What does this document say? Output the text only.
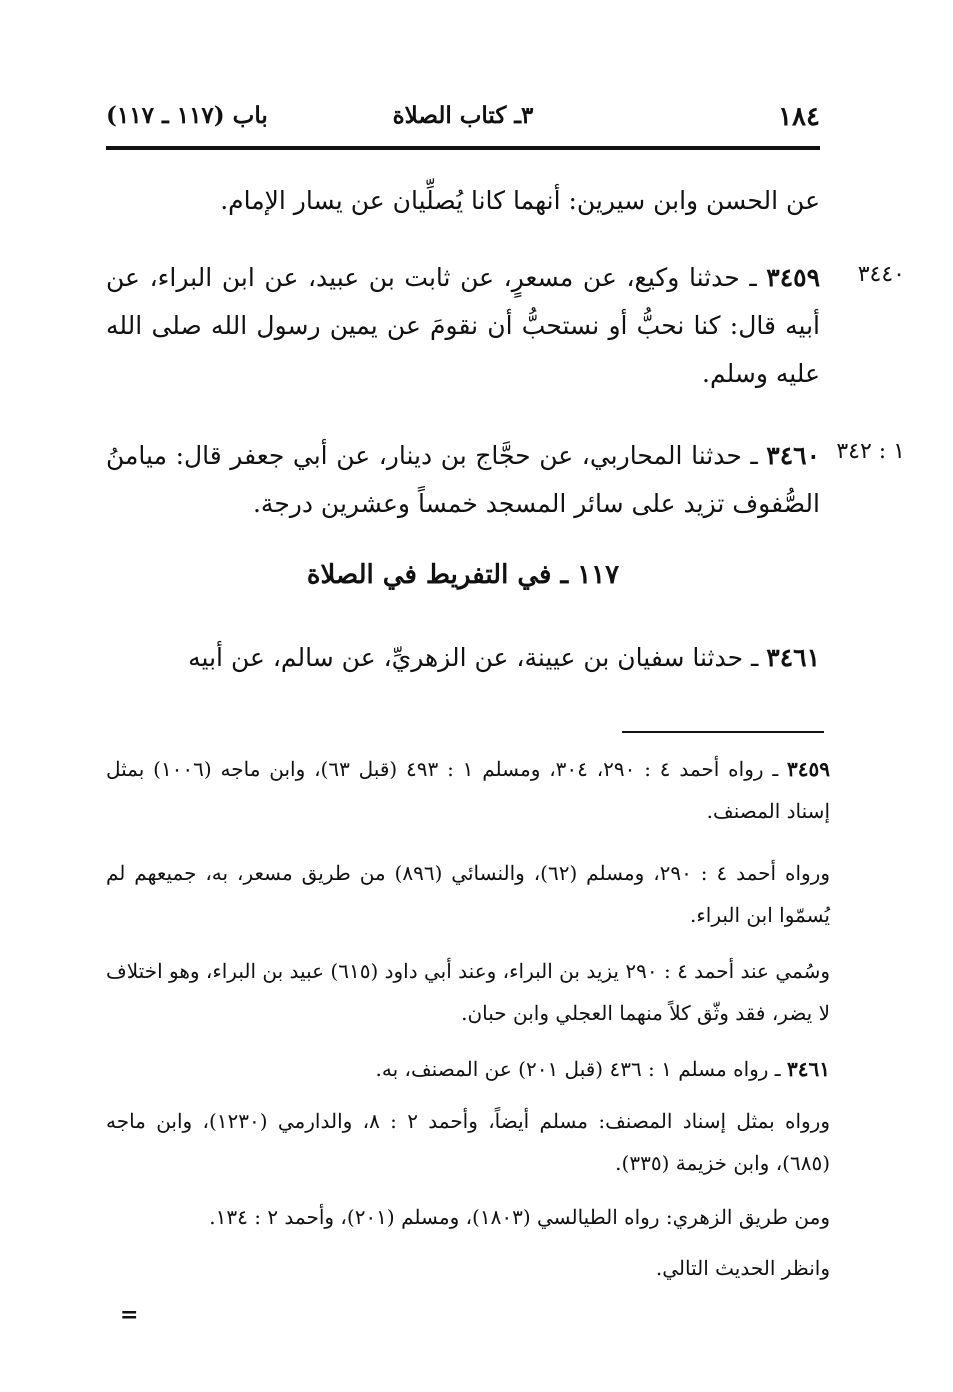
١٨٤
٣ـ كتاب الصلاة
باب (١١٧ ـ ١١٧)
عن الحسن وابن سيرين: أنهما كانا يُصلِّيان عن يسار الإمام.
٣٤٤٠
٣٤٥٩ ـ حدثنا وكيع، عن مسعرٍ، عن ثابت بن عبيد، عن ابن البراء، عن أبيه قال: كنا نحبُّ أو نستحبُّ أن نقومَ عن يمين رسول الله صلى الله عليه وسلم.
١ : ٣٤٢
٣٤٦٠ ـ حدثنا المحاربي، عن حجَّاج بن دينار، عن أبي جعفر قال: ميامنُ الصُّفوف تزيد على سائر المسجد خمساً وعشرين درجة.
١١٧ ـ في التفريط في الصلاة
٣٤٦١ ـ حدثنا سفيان بن عيينة، عن الزهريِّ، عن سالم، عن أبيه
٣٤٥٩ ـ رواه أحمد ٤ : ٢٩٠، ٣٠٤، ومسلم ١ : ٤٩٣ (قبل ٦٣)، وابن ماجه (١٠٠٦) بمثل إسناد المصنف.
ورواه أحمد ٤ : ٢٩٠، ومسلم (٦٢)، والنسائي (٨٩٦) من طريق مسعر، به، جميعهم لم يُسمّوا ابن البراء.
وسُمي عند أحمد ٤ : ٢٩٠ يزيد بن البراء، وعند أبي داود (٦١٥) عبيد بن البراء، وهو اختلاف لا يضر، فقد وثّق كلاً منهما العجلي وابن حبان.
٣٤٦١ ـ رواه مسلم ١ : ٤٣٦ (قبل ٢٠١) عن المصنف، به.
ورواه بمثل إسناد المصنف: مسلم أيضاً، وأحمد ٢ : ٨، والدارمي (١٢٣٠)، وابن ماجه (٦٨٥)، وابن خزيمة (٣٣٥).
ومن طريق الزهري: رواه الطيالسي (١٨٠٣)، ومسلم (٢٠١)، وأحمد ٢ : ١٣٤.
وانظر الحديث التالي.
=
